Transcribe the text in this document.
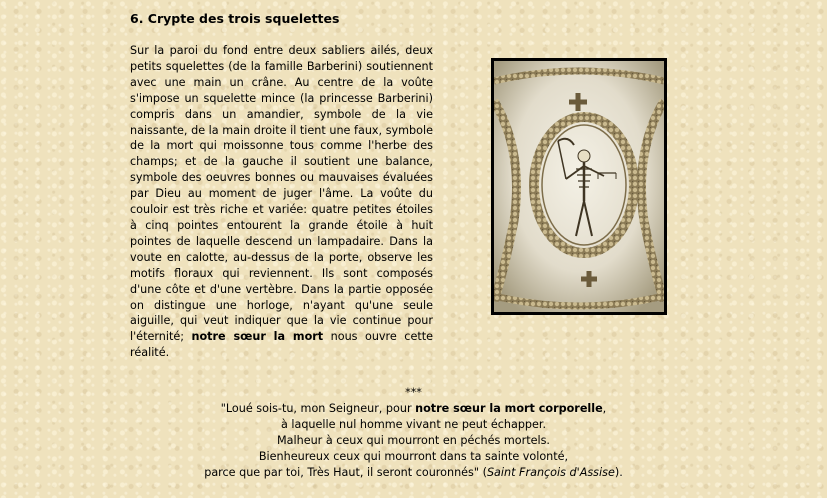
6. Crypte des trois squelettes

Sur la paroi du fond entre deux sabliers ailés, deux petits squelettes (de la famille Barberini) soutiennent avec une main un crâne. Au centre de la voûte s'impose un squelette mince (la princesse Barberini) compris dans un amandier, symbole de la vie naissante, de la main droite il tient une faux, symbole de la mort qui moissonne tous comme l'herbe des champs; et de la gauche il soutient une balance, symbole des oeuvres bonnes ou mauvaises évaluées par Dieu au moment de juger l'âme. La voûte du couloir est très riche et variée: quatre petites étoiles à cinq pointes entourent la grande étoile à huit pointes de laquelle descend un lampadaire. Dans la voute en calotte, au-dessus de la porte, observe les motifs floraux qui reviennent. Ils sont composés d'une côte et d'une vertèbre. Dans la partie opposée on distingue une horloge, n'ayant qu'une seule aiguille, qui veut indiquer que la vie continue pour l'éternité; notre sœur la mort nous ouvre cette réalité.

***
"Loué sois-tu, mon Seigneur, pour notre sœur la mort corporelle,
à laquelle nul homme vivant ne peut échapper.
Malheur à ceux qui mourront en péchés mortels.
Bienheureux ceux qui mourront dans ta sainte volonté,
parce que par toi, Très Haut, il seront couronnés" (Saint François d'Assise).
